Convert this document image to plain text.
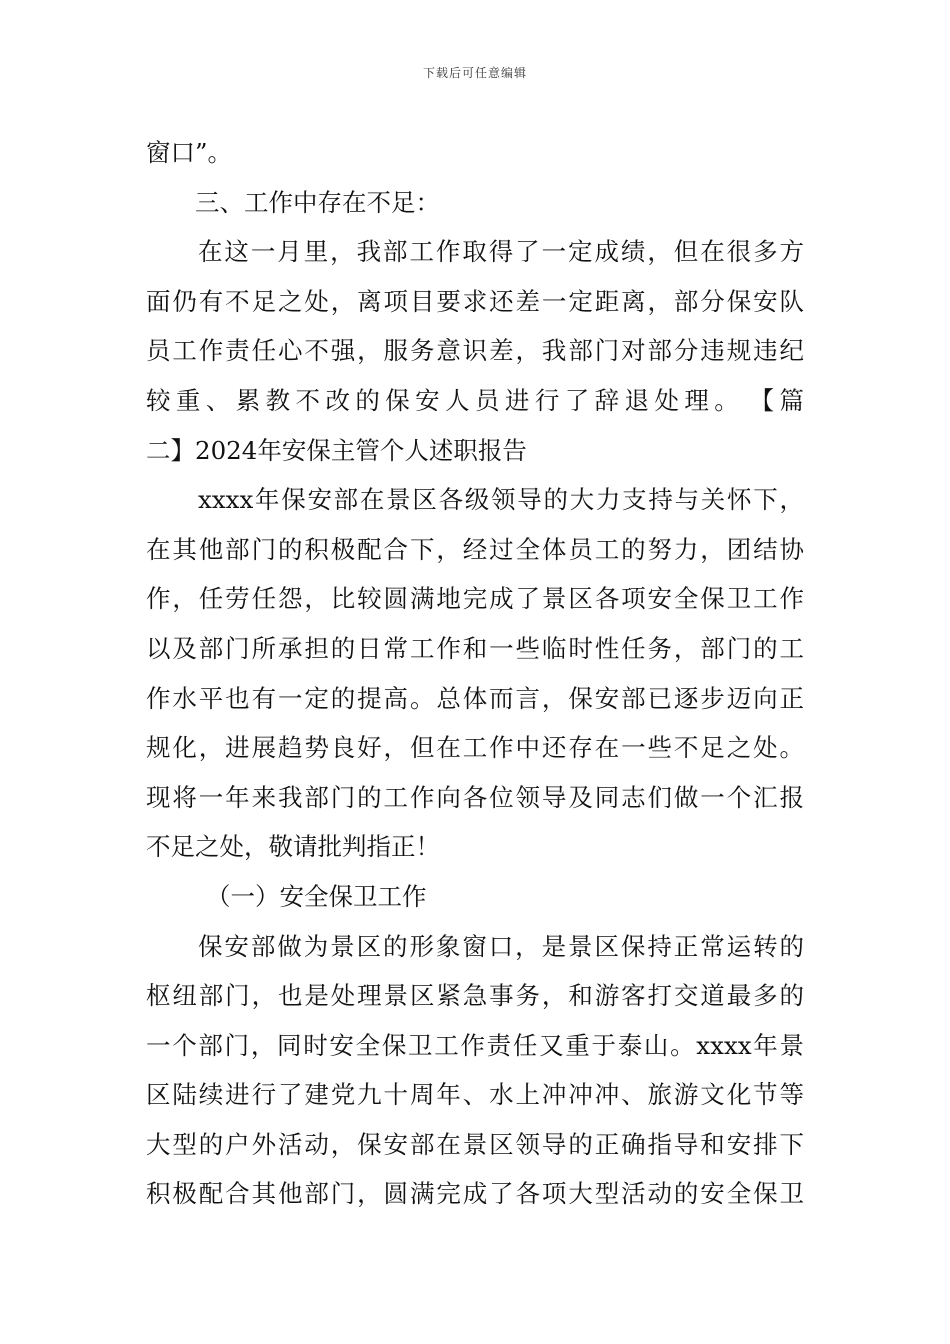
下载后可任意编辑
窗口”。
三、工作中存在不足：
在这一月里，我部工作取得了一定成绩，但在很多方
面仍有不足之处，离项目要求还差一定距离，部分保安队
员工作责任心不强，服务意识差，我部门对部分违规违纪
较重、累教不改的保安人员进行了辞退处理。　【篇
二】2024年安保主管个人述职报告
xxxx年保安部在景区各级领导的大力支持与关怀下，
在其他部门的积极配合下，经过全体员工的努力，团结协
作，任劳任怨，比较圆满地完成了景区各项安全保卫工作
以及部门所承担的日常工作和一些临时性任务，部门的工
作水平也有一定的提高。总体而言，保安部已逐步迈向正
规化，进展趋势良好，但在工作中还存在一些不足之处。
现将一年来我部门的工作向各位领导及同志们做一个汇报
不足之处，敬请批判指正！
（一）安全保卫工作
保安部做为景区的形象窗口，是景区保持正常运转的
枢纽部门，也是处理景区紧急事务，和游客打交道最多的
一个部门，同时安全保卫工作责任又重于泰山。xxxx年景
区陆续进行了建党九十周年、水上冲冲冲、旅游文化节等
大型的户外活动，保安部在景区领导的正确指导和安排下
积极配合其他部门，圆满完成了各项大型活动的安全保卫
